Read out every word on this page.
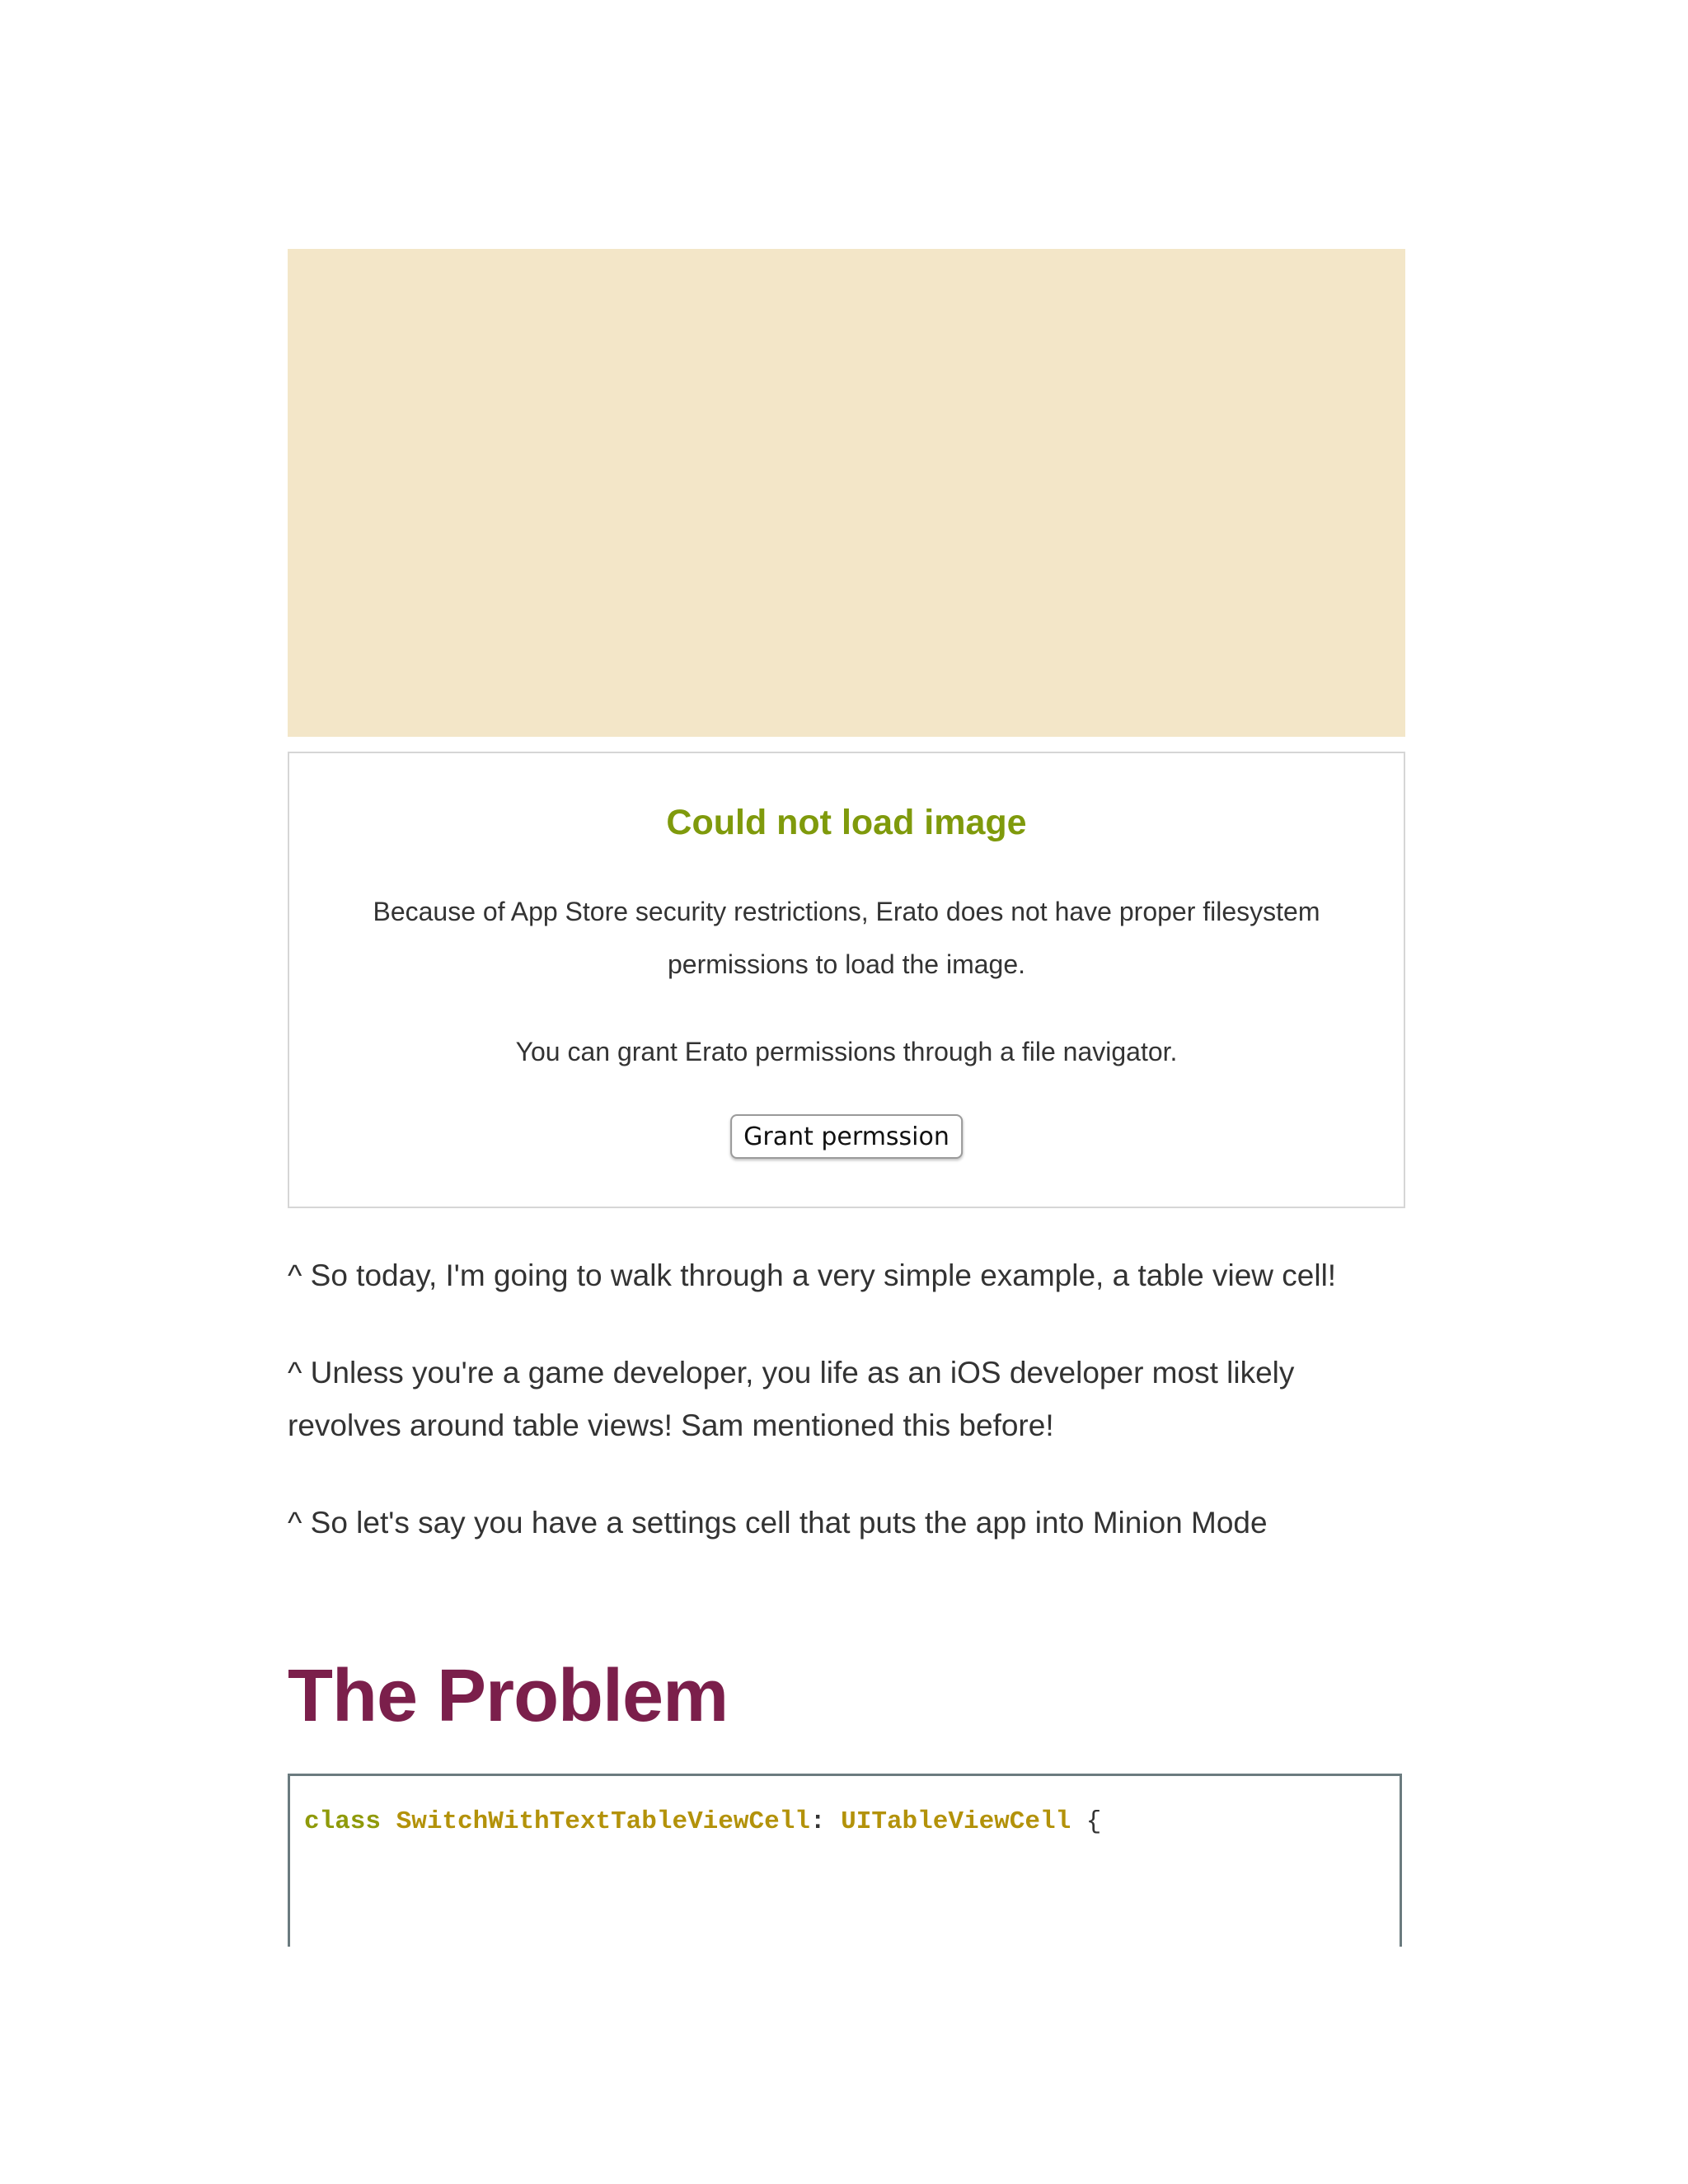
Could not load image

Because of App Store security restrictions, Erato does not have proper filesystem permissions to load the image.

You can grant Erato permissions through a file navigator.

Grant permssion

^ So today, I'm going to walk through a very simple example, a table view cell!

^ Unless you're a game developer, you life as an iOS developer most likely revolves around table views! Sam mentioned this before!

^ So let's say you have a settings cell that puts the app into Minion Mode

The Problem
class SwitchWithTextTableViewCell: UITableViewCell {
